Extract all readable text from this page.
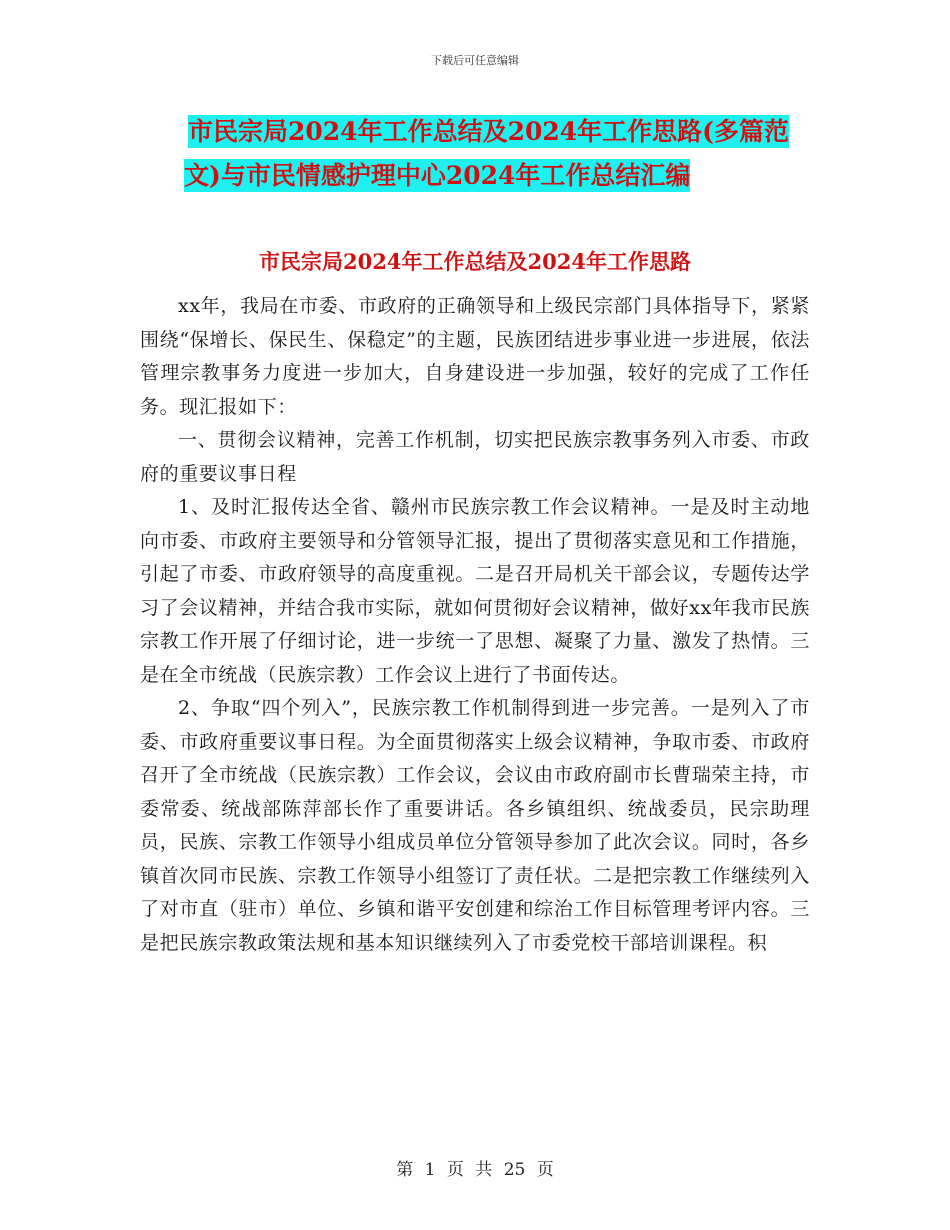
下载后可任意编辑
市民宗局2024年工作总结及2024年工作思路(多篇范
文)与市民情感护理中心2024年工作总结汇编
市民宗局2024年工作总结及2024年工作思路

xx年，我局在市委、市政府的正确领导和上级民宗部门具体指导下，紧紧围绕“保增长、保民生、保稳定”的主题，民族团结进步事业进一步进展，依法管理宗教事务力度进一步加大，自身建设进一步加强，较好的完成了工作任务。现汇报如下：

一、贯彻会议精神，完善工作机制，切实把民族宗教事务列入市委、市政府的重要议事日程

1、及时汇报传达全省、赣州市民族宗教工作会议精神。一是及时主动地向市委、市政府主要领导和分管领导汇报，提出了贯彻落实意见和工作措施，引起了市委、市政府领导的高度重视。二是召开局机关干部会议，专题传达学习了会议精神，并结合我市实际，就如何贯彻好会议精神，做好xx年我市民族宗教工作开展了仔细讨论，进一步统一了思想、凝聚了力量、激发了热情。三是在全市统战（民族宗教）工作会议上进行了书面传达。

2、争取“四个列入”，民族宗教工作机制得到进一步完善。一是列入了市委、市政府重要议事日程。为全面贯彻落实上级会议精神，争取市委、市政府召开了全市统战（民族宗教）工作会议，会议由市政府副市长曹瑞荣主持，市委常委、统战部陈萍部长作了重要讲话。各乡镇组织、统战委员，民宗助理员，民族、宗教工作领导小组成员单位分管领导参加了此次会议。同时，各乡镇首次同市民族、宗教工作领导小组签订了责任状。二是把宗教工作继续列入了对市直（驻市）单位、乡镇和谐平安创建和综治工作目标管理考评内容。三是把民族宗教政策法规和基本知识继续列入了市委党校干部培训课程。积

第 1 页 共 25 页
